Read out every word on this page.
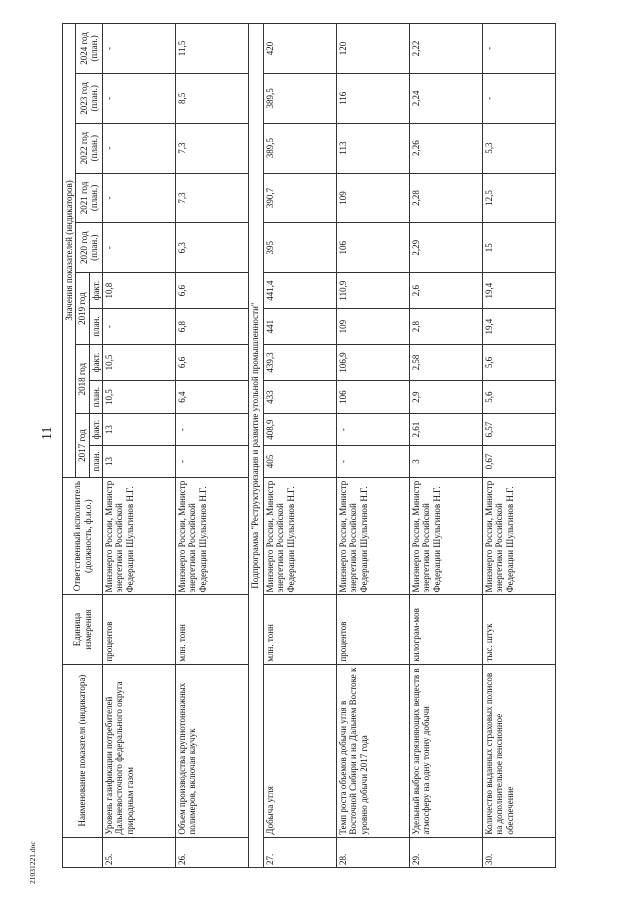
11
21031221.doc
	Наименование показателя (индикатора)	Единица измерения	Ответственный исполнитель (должность, ф.и.о.)	Значения показателей (индикаторов)										
				2017 год		2018 год		2019 год		2020 год (план.)	2021 год (план.)	2022 год (план.)	2023 год (план.)	2024 год (план.)
				план.	факт.	план.	факт.	план.	факт.					
25.	Уровень газификации потребителей Дальневосточного федерального округа природным газом	процентов	Минэнерго России, Министр энергетики Российской Федерации Шульгинов Н.Г.	13	13	10,5	10,5	-	10,8	-	-	-	-	-
26.	Объем производства крупнотоннажных полимеров, включая каучук	млн. тонн	Минэнерго России, Министр энергетики Российской Федерации Шульгинов Н.Г.	-	-	6,4	6,6	6,8	6,6	6,3	7,3	7,3	8,5	11,5
Подпрограмма "Реструктуризация и развитие угольной промышленности"														
27.	Добыча угля	млн. тонн	Минэнерго России, Министр энергетики Российской Федерации Шульгинов Н.Г.	405	408,9	433	439,3	441	441,4	395	390,7	389,5	389,5	420
28.	Темп роста объемов добычи угля в Восточной Сибири и на Дальнем Востоке к уровню добычи 2017 года	процентов	Минэнерго России, Министр энергетики Российской Федерации Шульгинов Н.Г.	-	-	106	106,9	109	110,9	106	109	113	116	120
29.	Удельный выброс загрязняющих веществ в атмосферу на одну тонну добычи	килограм-мов	Минэнерго России, Министр энергетики Российской Федерации Шульгинов Н.Г.	3	2,61	2,9	2,58	2,8	2,6	2,29	2,28	2,26	2,24	2,22
30.	Количество выданных страховых полисов на дополнительное пенсионное обеспечение	тыс. штук	Минэнерго России, Министр энергетики Российской Федерации Шульгинов Н.Г.	0,67	6,57	5,6	5,6	19,4	19,4	15	12,5	5,3	-	-
